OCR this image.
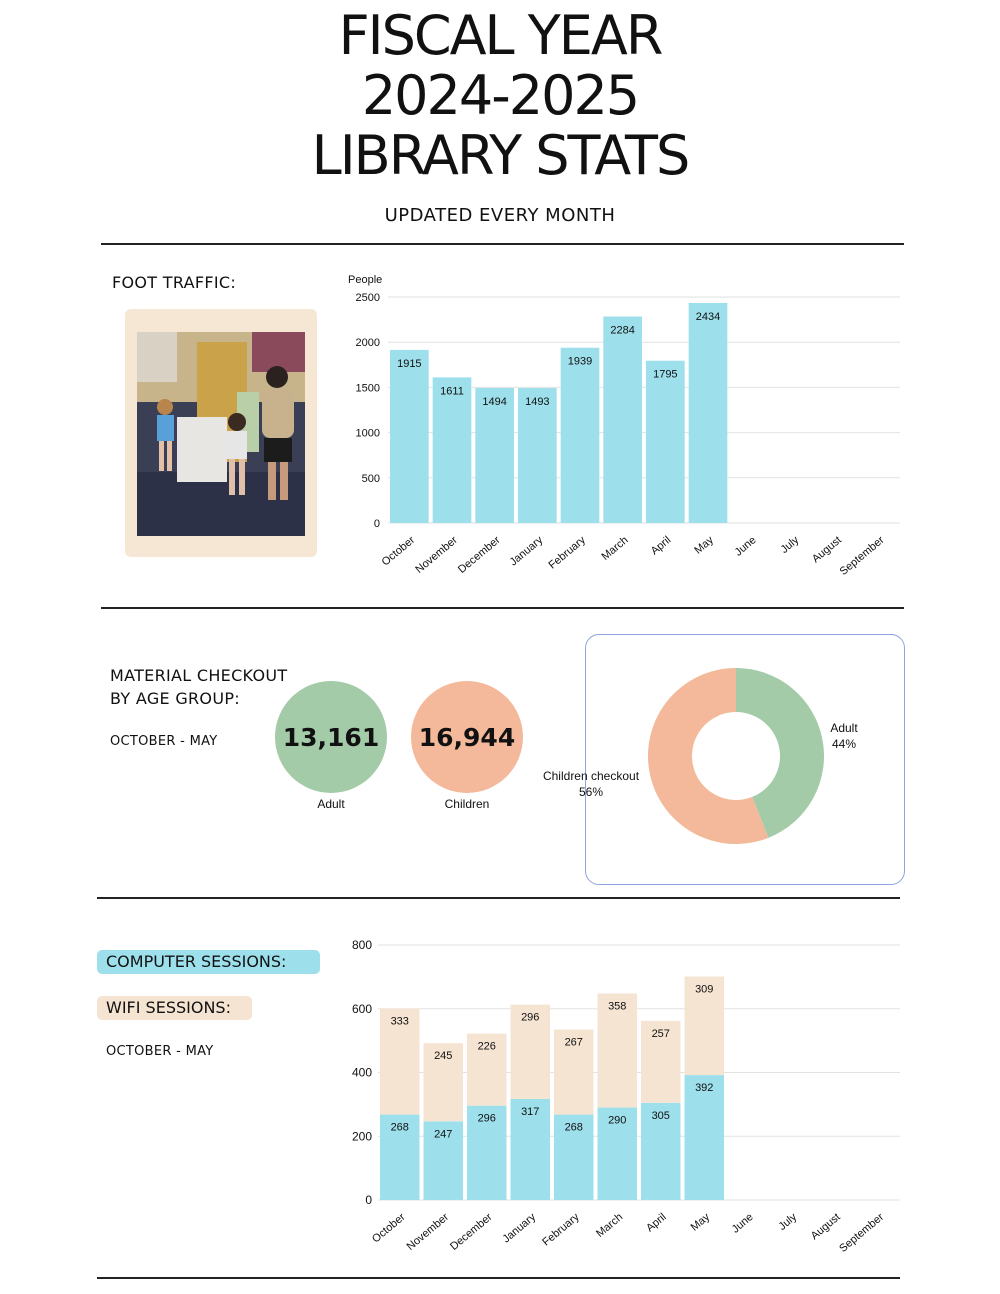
FISCAL YEAR
2024-2025
LIBRARY STATS
UPDATED EVERY MONTH
FOOT TRAFFIC:	People
0
500
1000
1500
2000
2500
1915
October
1611
November
1494
December
1493
January
1939
February
2284
March
1795
April
2434
May June July August
September
MATERIAL CHECKOUT
BY AGE GROUP:
OCTOBER - MAY	13,161
Adult
16,944
Children
Adult
44%
Children checkout
56%
COMPUTER SESSIONS:
WIFI SESSIONS:
OCTOBER - MAY
0
200
400
600
800
268
333
October
247
245
November
296
226
December
317
296
January
268
267
February
290
358
March
305
257
April
392
309
May June July August
September
